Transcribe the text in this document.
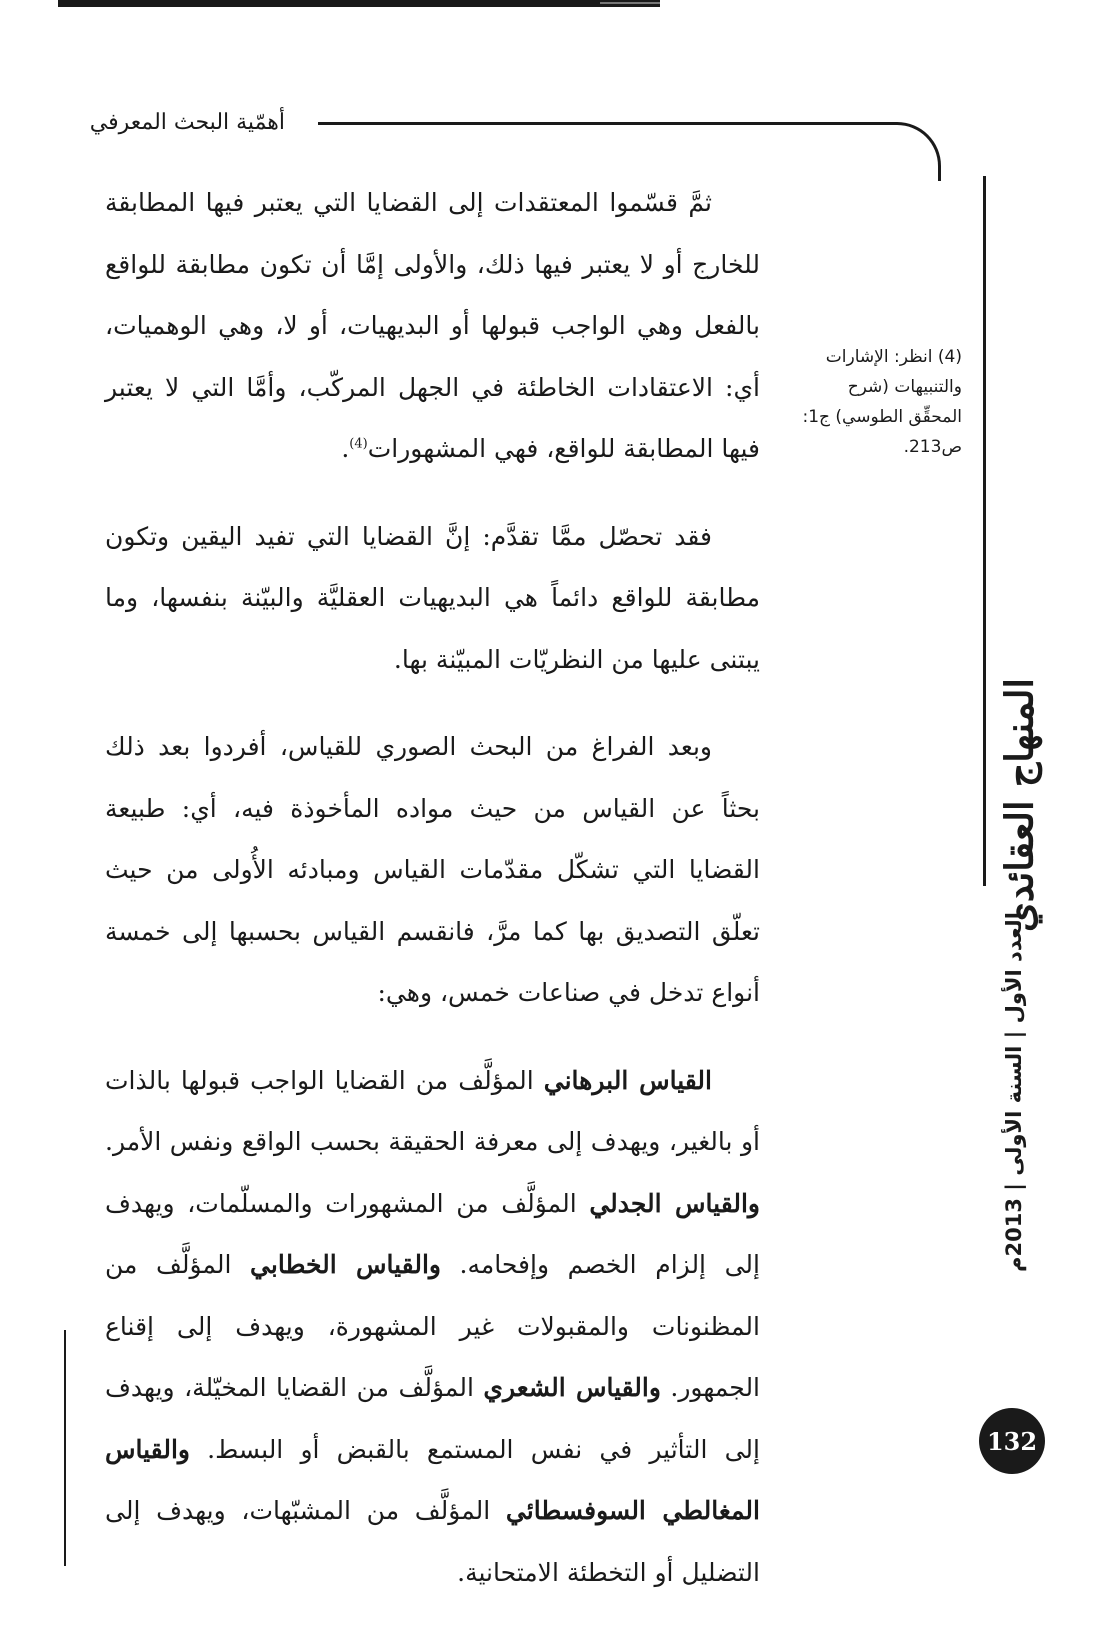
أهمّية البحث المعرفي

ثمَّ قسّموا المعتقدات إلى القضايا التي يعتبر فيها المطابقة للخارج أو لا يعتبر فيها ذلك، والأولى إمَّا أن تكون مطابقة للواقع بالفعل وهي الواجب قبولها أو البديهيات، أو لا، وهي الوهميات، أي: الاعتقادات الخاطئة في الجهل المركّب، وأمَّا التي لا يعتبر فيها المطابقة للواقع، فهي المشهورات$^{(4)}$.

فقد تحصّل ممَّا تقدَّم: إنَّ القضايا التي تفيد اليقين وتكون مطابقة للواقع دائماً هي البديهيات العقليَّة والبيّنة بنفسها، وما يبتنى عليها من النظريّات المبيّنة بها.

وبعد الفراغ من البحث الصوري للقياس، أفردوا بعد ذلك بحثاً عن القياس من حيث مواده المأخوذة فيه، أي: طبيعة القضايا التي تشكّل مقدّمات القياس ومبادئه الأُولى من حيث تعلّق التصديق بها كما مرَّ، فانقسم القياس بحسبها إلى خمسة أنواع تدخل في صناعات خمس، وهي:

القياس البرهاني المؤلَّف من القضايا الواجب قبولها بالذات أو بالغير، ويهدف إلى معرفة الحقيقة بحسب الواقع ونفس الأمر. والقياس الجدلي المؤلَّف من المشهورات والمسلّمات، ويهدف إلى إلزام الخصم وإفحامه. والقياس الخطابي المؤلَّف من المظنونات والمقبولات غير المشهورة، ويهدف إلى إقناع الجمهور. والقياس الشعري المؤلَّف من القضايا المخيّلة، ويهدف إلى التأثير في نفس المستمع بالقبض أو البسط. والقياس المغالطي السوفسطائي المؤلَّف من المشبّهات، ويهدف إلى التضليل أو التخطئة الامتحانية.

(4) انظر: الإشارات والتنبيهات (شرح المحقِّق الطوسي) ج1: ص213.
المنهاج العقائدي
العدد الأول | السنة الأولى | 2013م
132
